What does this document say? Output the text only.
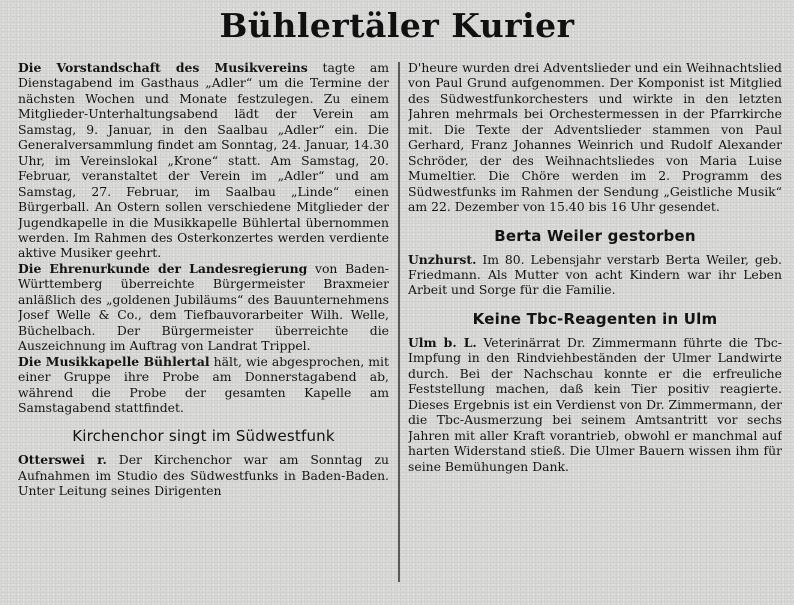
Bühlertäler Kurier

Die Vorstandschaft des Musikvereins tagte am Dienstagabend im Gasthaus „Adler“ um die Termine der nächsten Wochen und Monate festzulegen. Zu einem Mitglieder-Unterhaltungsabend lädt der Verein am Samstag, 9. Januar, in den Saalbau „Adler“ ein. Die Generalversammlung findet am Sonntag, 24. Januar, 14.30 Uhr, im Vereinslokal „Krone“ statt. Am Samstag, 20. Februar, veranstaltet der Verein im „Adler“ und am Samstag, 27. Februar, im Saalbau „Linde“ einen Bürgerball. An Ostern sollen verschiedene Mitglieder der Jugendkapelle in die Musikkapelle Bühlertal übernommen werden. Im Rahmen des Osterkonzertes werden verdiente aktive Musiker geehrt.

Die Ehrenurkunde der Landesregierung von Baden-Württemberg überreichte Bürgermeister Braxmeier anläßlich des „goldenen Jubiläums“ des Bauunternehmens Josef Welle & Co., dem Tiefbauvorarbeiter Wilh. Welle, Büchelbach. Der Bürgermeister überreichte die Auszeichnung im Auftrag von Landrat Trippel.

Die Musikkapelle Bühlertal hält, wie abgesprochen, mit einer Gruppe ihre Probe am Donnerstagabend ab, während die Probe der gesamten Kapelle am Samstagabend stattfindet.

Kirchenchor singt im Südwestfunk

Otterswei r. Der Kirchenchor war am Sonntag zu Aufnahmen im Studio des Südwestfunks in Baden-Baden. Unter Leitung seines Dirigenten

D'heure wurden drei Adventslieder und ein Weihnachtslied von Paul Grund aufgenommen. Der Komponist ist Mitglied des Südwestfunkorchesters und wirkte in den letzten Jahren mehrmals bei Orchestermessen in der Pfarrkirche mit. Die Texte der Adventslieder stammen von Paul Gerhard, Franz Johannes Weinrich und Rudolf Alexander Schröder, der des Weihnachtsliedes von Maria Luise Mumeltier. Die Chöre werden im 2. Programm des Südwestfunks im Rahmen der Sendung „Geistliche Musik“ am 22. Dezember von 15.40 bis 16 Uhr gesendet.

Berta Weiler gestorben

Unzhurst. Im 80. Lebensjahr verstarb Berta Weiler, geb. Friedmann. Als Mutter von acht Kindern war ihr Leben Arbeit und Sorge für die Familie.

Keine Tbc-Reagenten in Ulm

Ulm b. L. Veterinärrat Dr. Zimmermann führte die Tbc-Impfung in den Rindviehbeständen der Ulmer Landwirte durch. Bei der Nachschau konnte er die erfreuliche Feststellung machen, daß kein Tier positiv reagierte. Dieses Ergebnis ist ein Verdienst von Dr. Zimmermann, der die Tbc-Ausmerzung bei seinem Amtsantritt vor sechs Jahren mit aller Kraft vorantrieb, obwohl er manchmal auf harten Widerstand stieß. Die Ulmer Bauern wissen ihm für seine Bemühungen Dank.
